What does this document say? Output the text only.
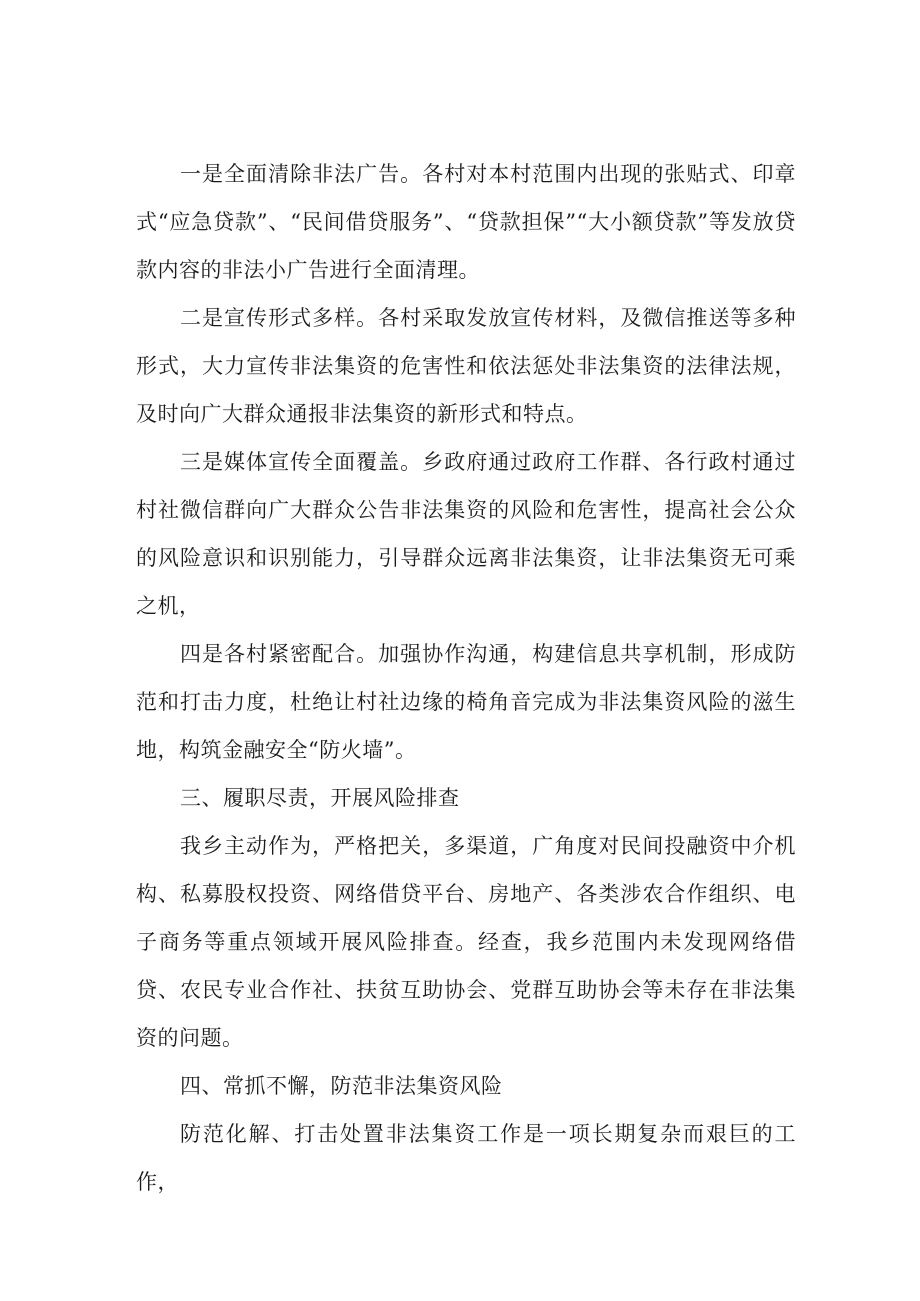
一是全面清除非法广告。各村对本村范围内出现的张贴式、印章式“应急贷款”、“民间借贷服务”、“贷款担保”“大小额贷款”等发放贷款内容的非法小广告进行全面清理。

二是宣传形式多样。各村采取发放宣传材料，及微信推送等多种形式，大力宣传非法集资的危害性和依法惩处非法集资的法律法规，及时向广大群众通报非法集资的新形式和特点。

三是媒体宣传全面覆盖。乡政府通过政府工作群、各行政村通过村社微信群向广大群众公告非法集资的风险和危害性，提高社会公众的风险意识和识别能力，引导群众远离非法集资，让非法集资无可乘之机，

四是各村紧密配合。加强协作沟通，构建信息共享机制，形成防范和打击力度，杜绝让村社边缘的椅角音完成为非法集资风险的滋生地，构筑金融安全“防火墙”。

三、履职尽责，开展风险排查

我乡主动作为，严格把关，多渠道，广角度对民间投融资中介机构、私募股权投资、网络借贷平台、房地产、各类涉农合作组织、电子商务等重点领域开展风险排查。经查，我乡范围内未发现网络借贷、农民专业合作社、扶贫互助协会、党群互助协会等未存在非法集资的问题。

四、常抓不懈，防范非法集资风险

防范化解、打击处置非法集资工作是一项长期复杂而艰巨的工作，
